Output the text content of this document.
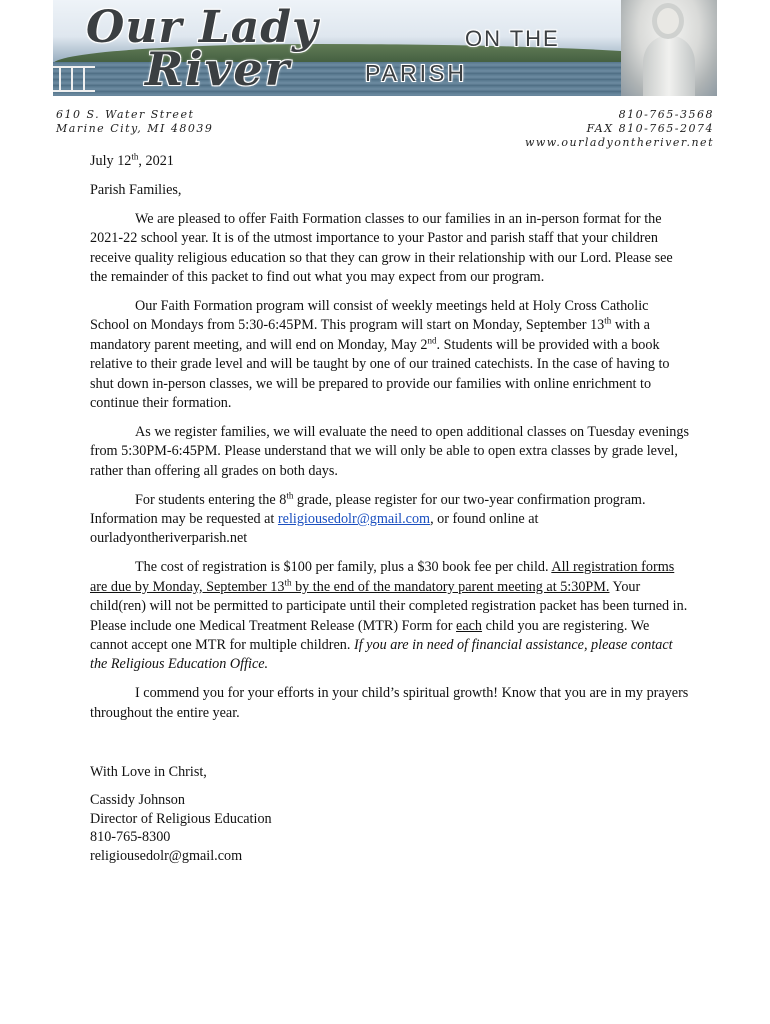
Our Lady	ON THE
River	PARISH
610 S. Water Street
Marine City, MI 48039
810-765-3568
FAX 810-765-2074
www.ourladyontheriver.net

July 12th, 2021

Parish Families,

We are pleased to offer Faith Formation classes to our families in an in-person format for the 2021-22 school year. It is of the utmost importance to your Pastor and parish staff that your children receive quality religious education so that they can grow in their relationship with our Lord. Please see the remainder of this packet to find out what you may expect from our program.

Our Faith Formation program will consist of weekly meetings held at Holy Cross Catholic School on Mondays from 5:30-6:45PM. This program will start on Monday, September 13th with a mandatory parent meeting, and will end on Monday, May 2nd. Students will be provided with a book relative to their grade level and will be taught by one of our trained catechists. In the case of having to shut down in-person classes, we will be prepared to provide our families with online enrichment to continue their formation.

As we register families, we will evaluate the need to open additional classes on Tuesday evenings from 5:30PM-6:45PM. Please understand that we will only be able to open extra classes by grade level, rather than offering all grades on both days.

For students entering the 8th grade, please register for our two-year confirmation program. Information may be requested at religiousedolr@gmail.com, or found online at ourladyontheriverparish.net

The cost of registration is $100 per family, plus a $30 book fee per child. All registration forms are due by Monday, September 13th by the end of the mandatory parent meeting at 5:30PM. Your child(ren) will not be permitted to participate until their completed registration packet has been turned in. Please include one Medical Treatment Release (MTR) Form for each child you are registering. We cannot accept one MTR for multiple children. If you are in need of financial assistance, please contact the Religious Education Office.

I commend you for your efforts in your child’s spiritual growth! Know that you are in my prayers throughout the entire year.

With Love in Christ,

Cassidy Johnson
Director of Religious Education
810-765-8300
religiousedolr@gmail.com
